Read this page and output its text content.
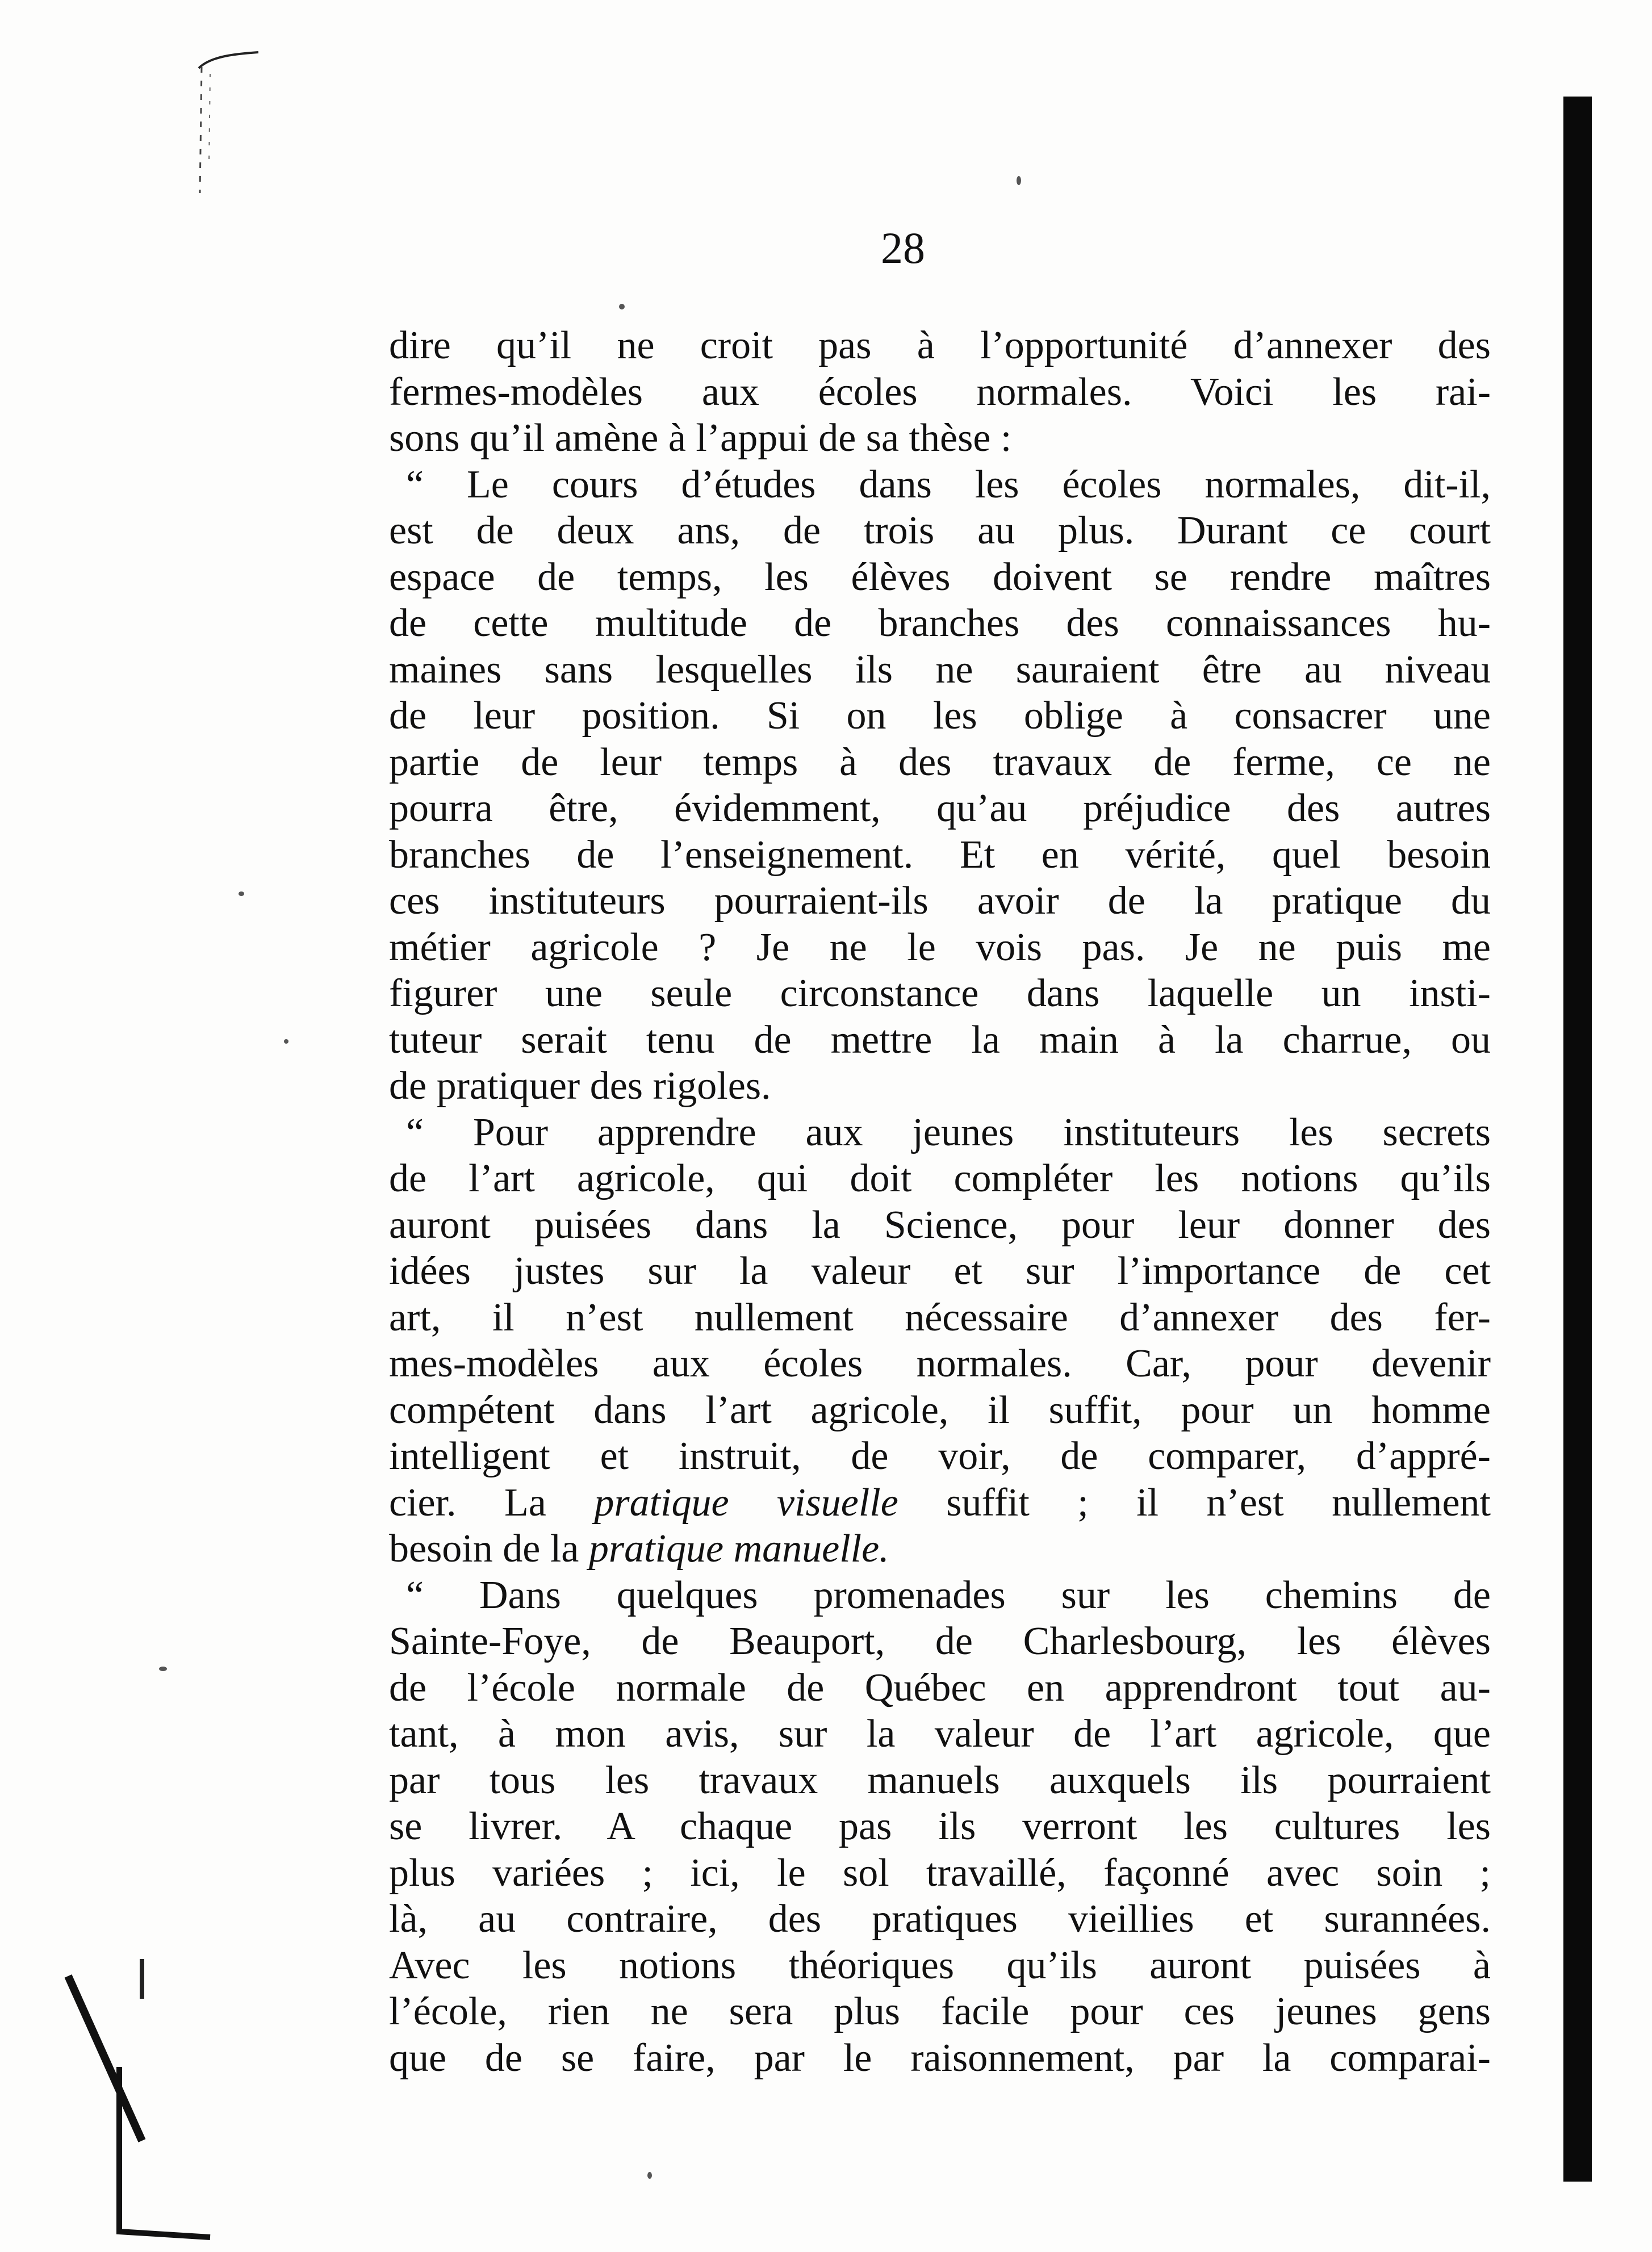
28
dire qu’il ne croit pas à l’opportunité d’annexer des
fermes-modèles aux écoles normales. Voici les rai-
sons qu’il amène à l’appui de sa thèse :
“ Le cours d’études dans les écoles normales, dit-il,
est de deux ans, de trois au plus. Durant ce court
espace de temps, les élèves doivent se rendre maîtres
de cette multitude de branches des connaissances hu-
maines sans lesquelles ils ne sauraient être au niveau
de leur position. Si on les oblige à consacrer une
partie de leur temps à des travaux de ferme, ce ne
pourra être, évidemment, qu’au préjudice des autres
branches de l’enseignement. Et en vérité, quel besoin
ces instituteurs pourraient-ils avoir de la pratique du
métier agricole ? Je ne le vois pas. Je ne puis me
figurer une seule circonstance dans laquelle un insti-
tuteur serait tenu de mettre la main à la charrue, ou
de pratiquer des rigoles.
“ Pour apprendre aux jeunes instituteurs les secrets
de l’art agricole, qui doit compléter les notions qu’ils
auront puisées dans la Science, pour leur donner des
idées justes sur la valeur et sur l’importance de cet
art, il n’est nullement nécessaire d’annexer des fer-
mes-modèles aux écoles normales. Car, pour devenir
compétent dans l’art agricole, il suffit, pour un homme
intelligent et instruit, de voir, de comparer, d’appré-
cier. La pratique visuelle suffit ; il n’est nullement
besoin de la pratique manuelle.
“ Dans quelques promenades sur les chemins de
Sainte-Foye, de Beauport, de Charlesbourg, les élèves
de l’école normale de Québec en apprendront tout au-
tant, à mon avis, sur la valeur de l’art agricole, que
par tous les travaux manuels auxquels ils pourraient
se livrer. A chaque pas ils verront les cultures les
plus variées ; ici, le sol travaillé, façonné avec soin ;
là, au contraire, des pratiques vieillies et surannées.
Avec les notions théoriques qu’ils auront puisées à
l’école, rien ne sera plus facile pour ces jeunes gens
que de se faire, par le raisonnement, par la comparai-
